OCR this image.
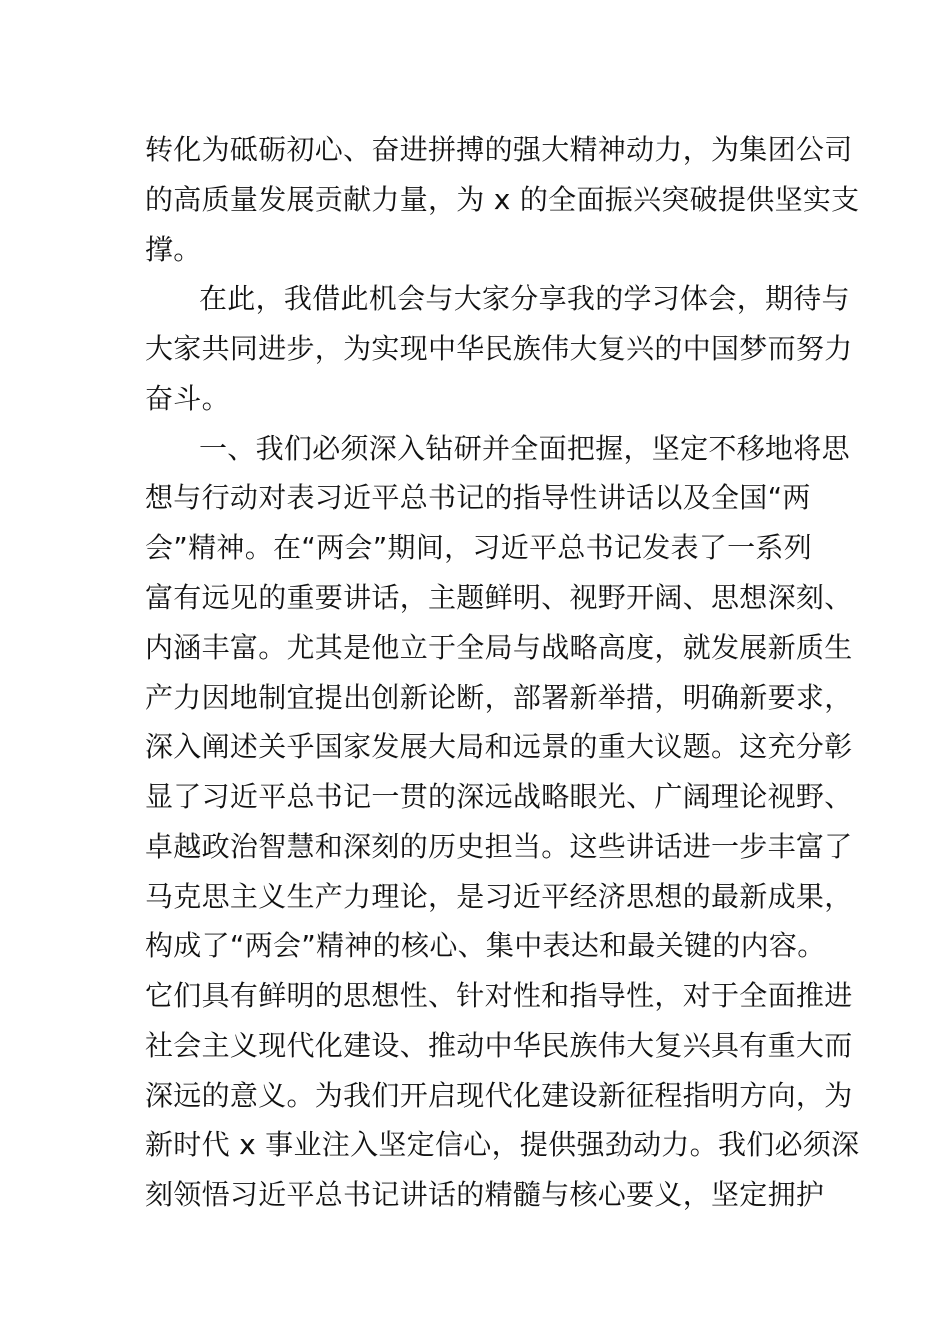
转化为砥砺初心、奋进拼搏的强大精神动力，为集团公司
的高质量发展贡献力量，为 x 的全面振兴突破提供坚实支
撑。
在此，我借此机会与大家分享我的学习体会，期待与
大家共同进步，为实现中华民族伟大复兴的中国梦而努力
奋斗。
一、我们必须深入钻研并全面把握，坚定不移地将思
想与行动对表习近平总书记的指导性讲话以及全国“两
会”精神。在“两会”期间，习近平总书记发表了一系列
富有远见的重要讲话，主题鲜明、视野开阔、思想深刻、
内涵丰富。尤其是他立于全局与战略高度，就发展新质生
产力因地制宜提出创新论断，部署新举措，明确新要求，
深入阐述关乎国家发展大局和远景的重大议题。这充分彰
显了习近平总书记一贯的深远战略眼光、广阔理论视野、
卓越政治智慧和深刻的历史担当。这些讲话进一步丰富了
马克思主义生产力理论，是习近平经济思想的最新成果，
构成了“两会”精神的核心、集中表达和最关键的内容。
它们具有鲜明的思想性、针对性和指导性，对于全面推进
社会主义现代化建设、推动中华民族伟大复兴具有重大而
深远的意义。为我们开启现代化建设新征程指明方向，为
新时代 x 事业注入坚定信心，提供强劲动力。我们必须深
刻领悟习近平总书记讲话的精髓与核心要义，坚定拥护
